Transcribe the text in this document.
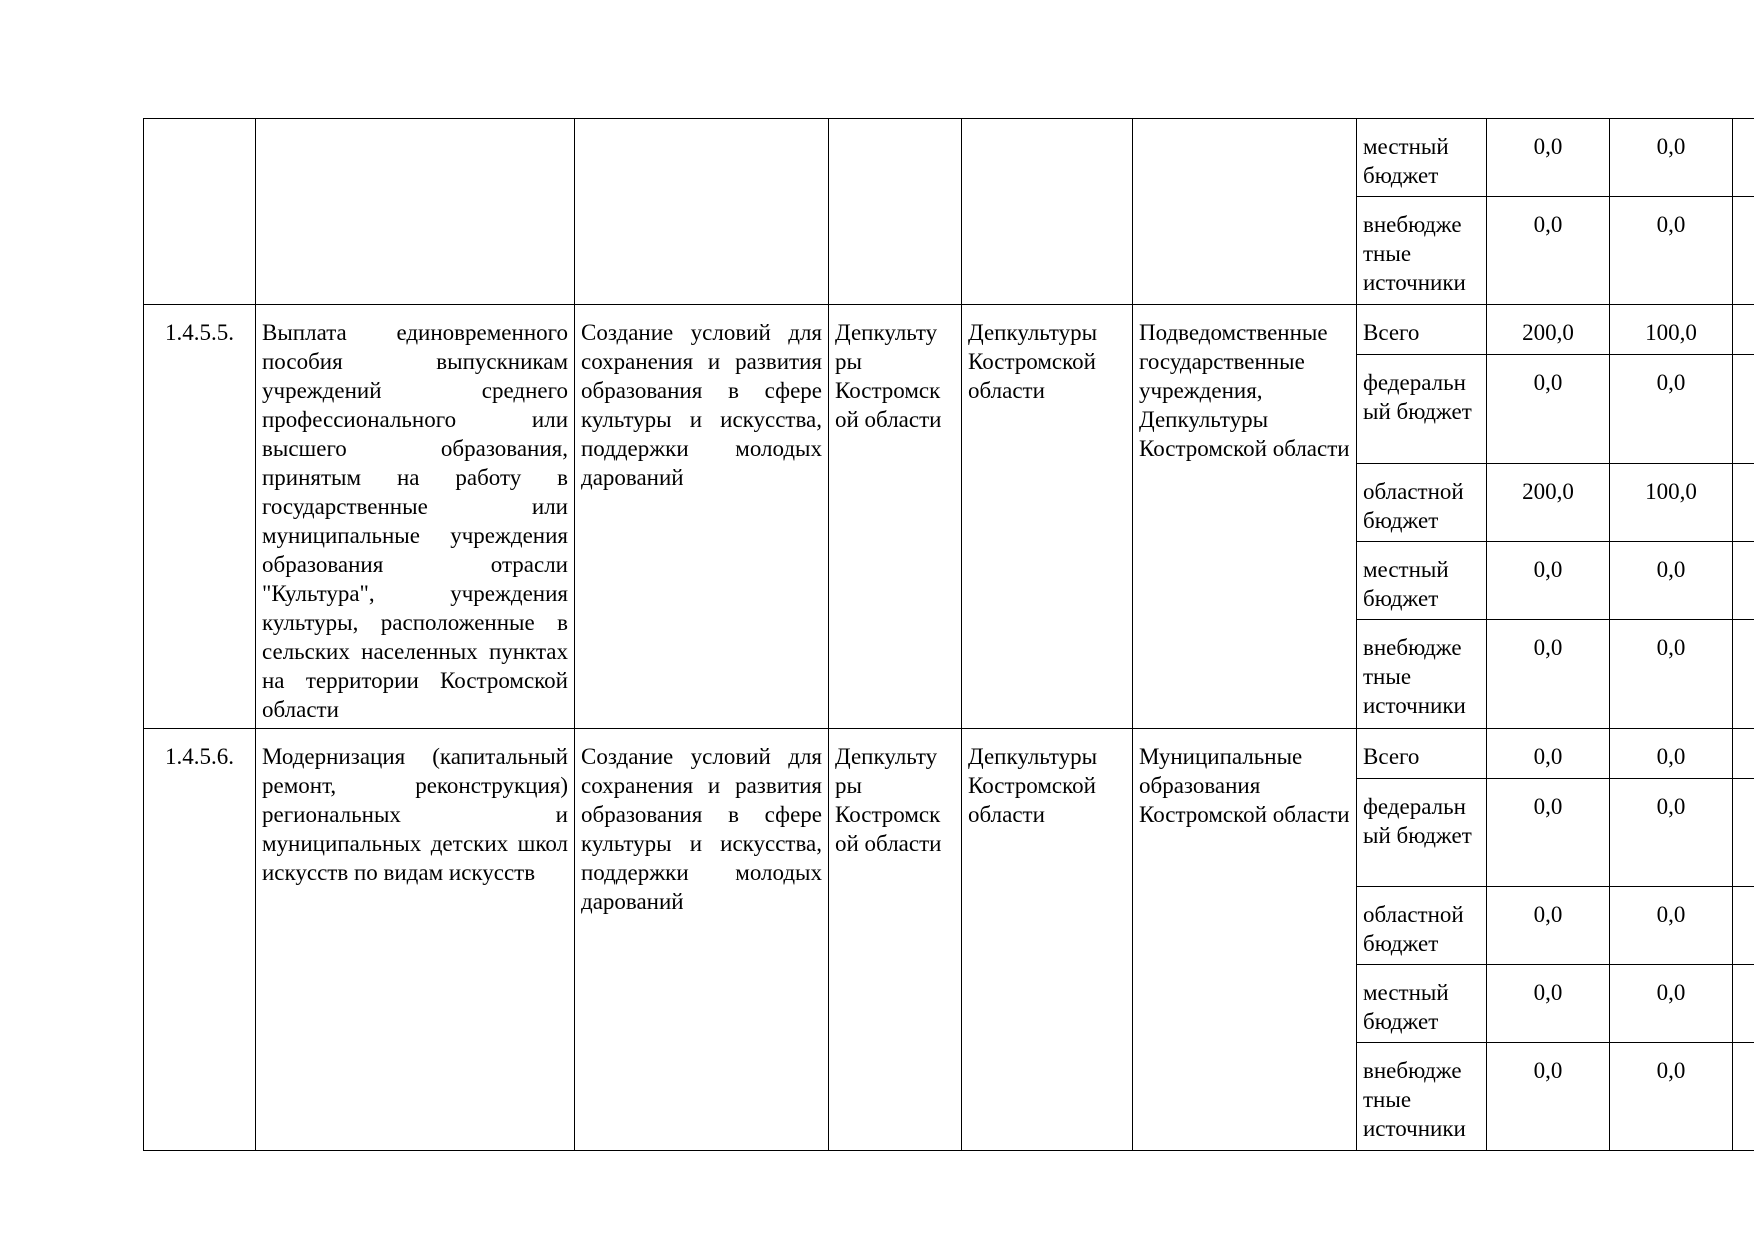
						местный бюджет	0,0	0,0	
						внебюдже тные источники	0,0	0,0	
1.4.5.5.	Выплата единовременного пособия выпускникам учреждений среднего профессионального или высшего образования, принятым на работу в государственные или муниципальные учреждения образования отрасли "Культура", учреждения культуры, расположенные в сельских населенных пунктах на территории Костромской области	Создание условий для сохранения и развития образования в сфере культуры и искусства, поддержки молодых дарований	Депкульту ры Костромск ой области	Депкультуры Костромской области	Подведомственные государственные учреждения, Депкультуры Костромской области	Всего	200,0	100,0	
						федеральн ый бюджет	0,0	0,0	
						областной бюджет	200,0	100,0	
						местный бюджет	0,0	0,0	
						внебюдже тные источники	0,0	0,0	
1.4.5.6.	Модернизация (капитальный ремонт, реконструкция) региональных и муниципальных детских школ искусств по видам искусств	Создание условий для сохранения и развития образования в сфере культуры и искусства, поддержки молодых дарований	Депкульту ры Костромск ой области	Депкультуры Костромской области	Муниципальные образования Костромской области	Всего	0,0	0,0	
						федеральн ый бюджет	0,0	0,0	
						областной бюджет	0,0	0,0	
						местный бюджет	0,0	0,0	
						внебюдже тные источники	0,0	0,0	
